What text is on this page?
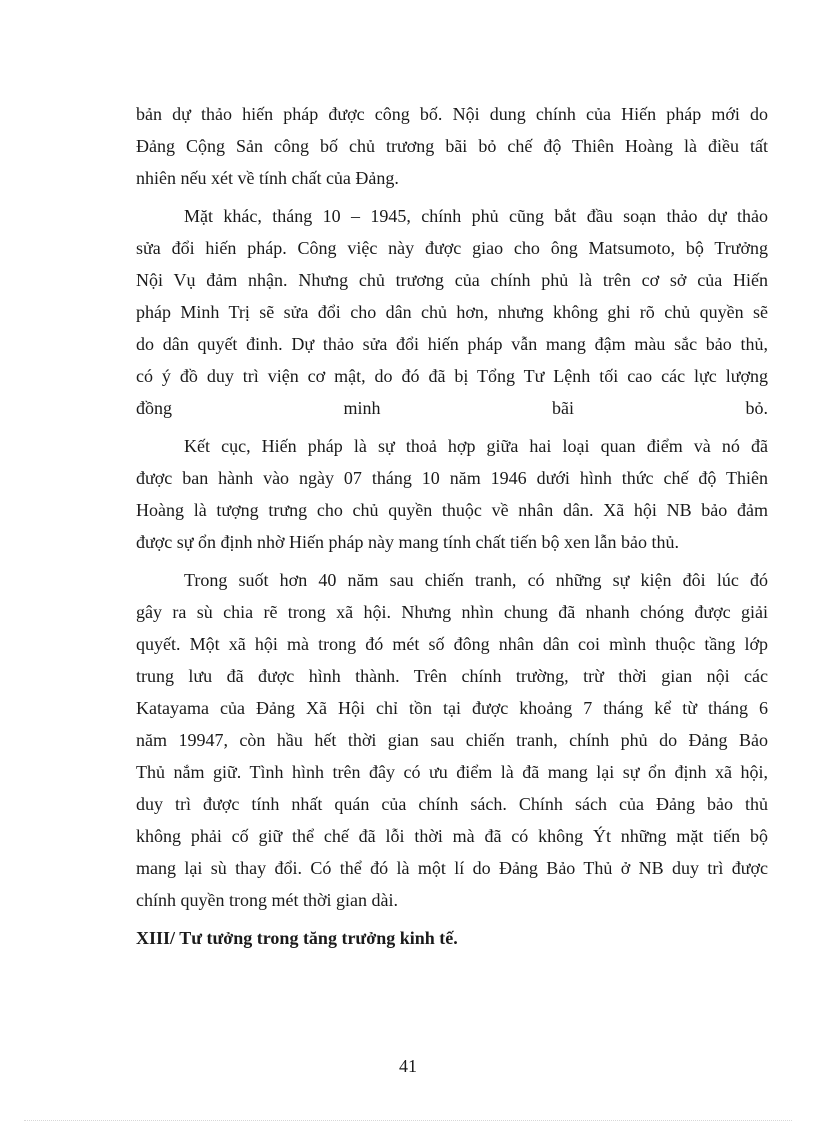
bản dự thảo hiến pháp được công bố. Nội dung chính của Hiến pháp mới do
Đảng Cộng Sản công bố chủ trương bãi bỏ chế độ Thiên Hoàng là điều tất
nhiên nếu xét về tính chất của Đảng.
Mặt khác, tháng 10 – 1945, chính phủ cũng bắt đầu soạn thảo dự thảo
sửa đổi hiến pháp. Công việc này được giao cho ông Matsumoto, bộ Trưởng
Nội Vụ đảm nhận. Nhưng chủ trương của chính phủ là trên cơ sở của Hiến
pháp Minh Trị sẽ sửa đổi cho dân chủ hơn, nhưng không ghi rõ chủ quyền sẽ
do dân quyết đinh. Dự thảo sửa đổi hiến pháp vẫn mang đậm màu sắc bảo thủ,
có ý đồ duy trì viện cơ mật, do đó đã bị Tổng Tư Lệnh tối cao các lực lượng
đồng minh bãi bỏ.
Kết cục, Hiến pháp là sự thoả hợp giữa hai loại quan điểm và nó đã
được ban hành vào ngày 07 tháng 10 năm 1946 dưới hình thức chế độ Thiên
Hoàng là tượng trưng cho chủ quyền thuộc về nhân dân. Xã hội NB bảo đảm
được sự ổn định nhờ Hiến pháp này mang tính chất tiến bộ xen lẫn bảo thủ.
Trong suốt hơn 40 năm sau chiến tranh, có những sự kiện đôi lúc đó
gây ra sù chia rẽ trong xã hội. Nhưng nhìn chung đã nhanh chóng được giải
quyết. Một xã hội mà trong đó mét số đông nhân dân coi mình thuộc tầng lớp
trung lưu đã được hình thành. Trên chính trường, trừ thời gian nội các
Katayama của Đảng Xã Hội chỉ tồn tại được khoảng 7 tháng kể từ tháng 6
năm 19947, còn hầu hết thời gian sau chiến tranh, chính phủ do Đảng Bảo
Thủ nắm giữ. Tình hình trên đây có ưu điểm là đã mang lại sự ổn định xã hội,
duy trì được tính nhất quán của chính sách. Chính sách của Đảng bảo thủ
không phải cố giữ thể chế đã lỗi thời mà đã có không Ýt những mặt tiến bộ
mang lại sù thay đổi. Có thể đó là một lí do Đảng Bảo Thủ ở NB duy trì được
chính quyền trong mét thời gian dài.
XIII/ Tư tưởng trong tăng trưởng kinh tế.
41
